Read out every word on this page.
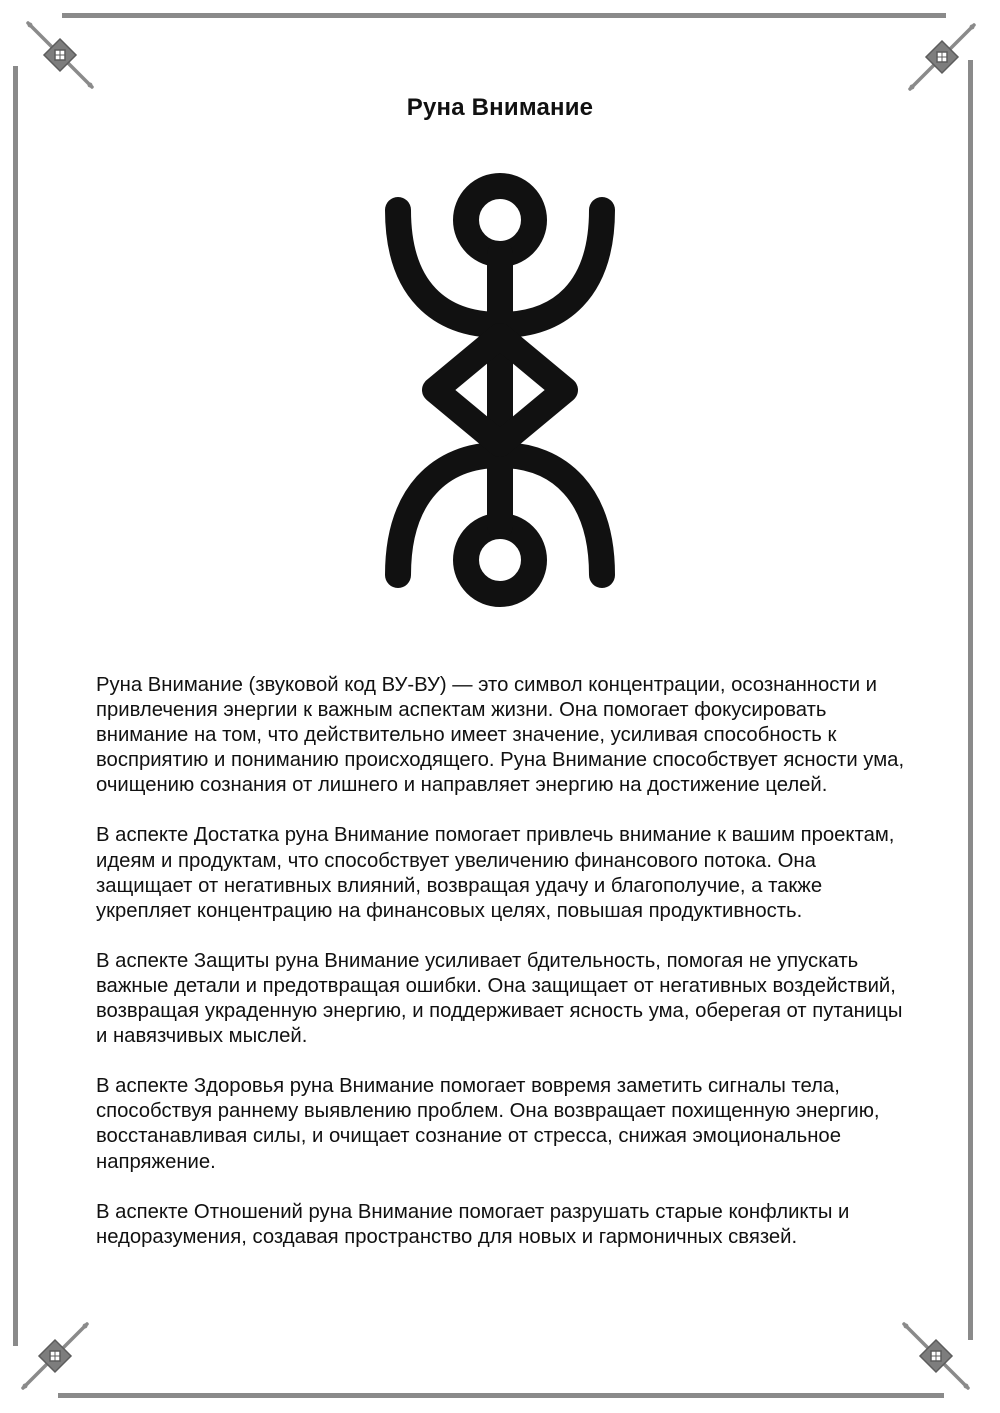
Руна Внимание

Руна Внимание (звуковой код ВУ-ВУ) — это символ концентрации, осознанности и привлечения энергии к важным аспектам жизни. Она помогает фокусировать внимание на том, что действительно имеет значение, усиливая способность к восприятию и пониманию происходящего. Руна Внимание способствует ясности ума, очищению сознания от лишнего и направляет энергию на достижение целей.

В аспекте Достатка руна Внимание помогает привлечь внимание к вашим проектам, идеям и продуктам, что способствует увеличению финансового потока. Она защищает от негативных влияний, возвращая удачу и благополучие, а также укрепляет концентрацию на финансовых целях, повышая продуктивность.

В аспекте Защиты руна Внимание усиливает бдительность, помогая не упускать важные детали и предотвращая ошибки. Она защищает от негативных воздействий, возвращая украденную энергию, и поддерживает ясность ума, оберегая от путаницы и навязчивых мыслей.

В аспекте Здоровья руна Внимание помогает вовремя заметить сигналы тела, способствуя раннему выявлению проблем. Она возвращает похищенную энергию, восстанавливая силы, и очищает сознание от стресса, снижая эмоциональное напряжение.

В аспекте Отношений руна Внимание помогает разрушать старые конфликты и недоразумения, создавая пространство для новых и гармоничных связей.
